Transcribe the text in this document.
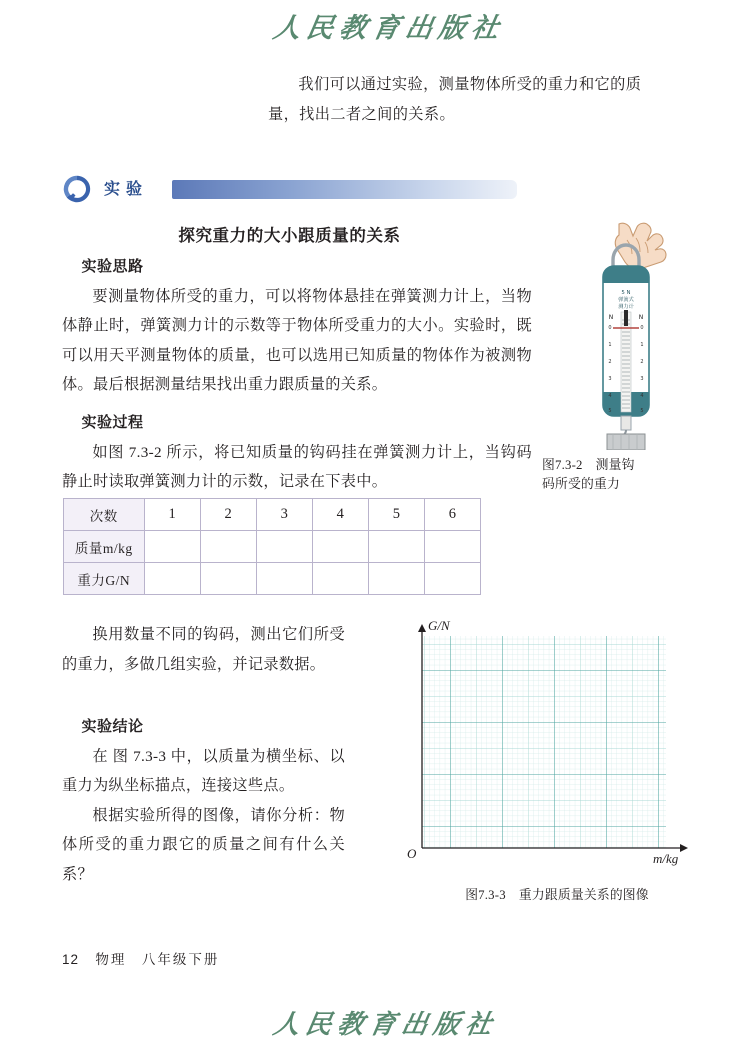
人民教育出版社
我们可以通过实验，测量物体所受的重力和它的质
量，找出二者之间的关系。
实验
探究重力的大小跟质量的关系
实验思路
要测量物体所受的重力，可以将物体悬挂在弹簧测力计上，当物体静止时，弹簧测力计的示数等于物体所受重力的大小。实验时，既可以用天平测量物体的质量，也可以选用已知质量的物体作为被测物体。最后根据测量结果找出重力跟质量的关系。
实验过程
如图 7.3-2 所示，将已知质量的钩码挂在弹簧测力计上，当钩码静止时读取弹簧测力计的示数，记录在下表中。
次数	1	2	3	4	5	6
质量m/kg						
重力G/N						
5 N
弹簧式
测力计
N	N
0	0
1	1
2	2
3	3
4	4
5	5
图7.3-2　测量钩
码所受的重力
换用数量不同的钩码，测出它们所受的重力，多做几组实验，并记录数据。
实验结论
在 图 7.3-3 中，以质量为横坐标、以重力为纵坐标描点，连接这些点。
根据实验所得的图像，请你分析：物体所受的重力跟它的质量之间有什么关系？
G/N
m/kg
O
图7.3-3　重力跟质量关系的图像
12 物理　八年级下册
人民教育出版社
